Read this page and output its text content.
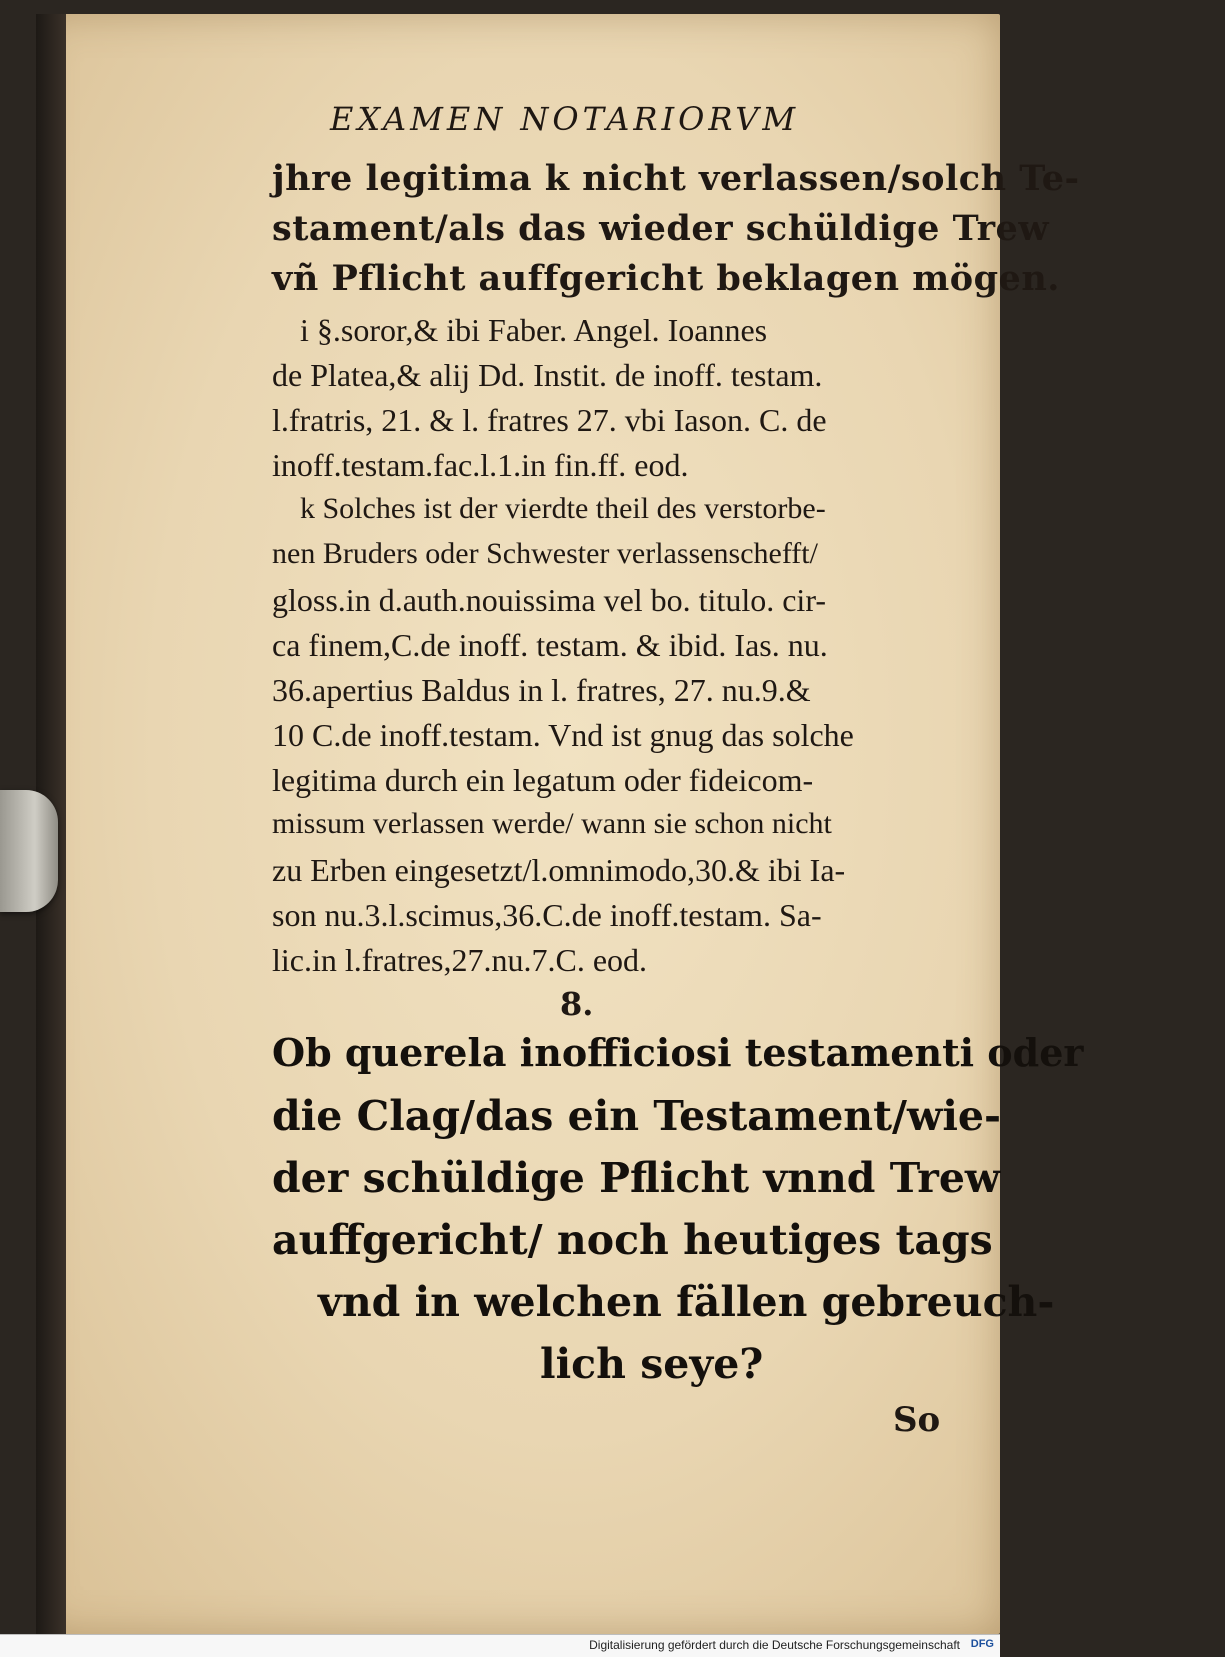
EXAMEN NOTARIORVM
jhre legitima k nicht verlassen/solch Te-
stament/als das wieder schüldige Trew
vñ Pflicht auffgericht beklagen mögen.
i §.soror,& ibi Faber. Angel. Ioannes
de Platea,& alij Dd. Instit. de inoff. testam.
l.fratris, 21. & l. fratres 27. vbi Iason. C. de
inoff.testam.fac.l.1.in fin.ff. eod.
k Solches ist der vierdte theil des verstorbe-
nen Bruders oder Schwester verlassenschefft/
gloss.in d.auth.nouissima vel bo. titulo. cir-
ca finem,C.de inoff. testam. & ibid. Ias. nu.
36.apertius Baldus in l. fratres, 27. nu.9.&
10 C.de inoff.testam. Vnd ist gnug das solche
legitima durch ein legatum oder fideicom-
missum verlassen werde/ wann sie schon nicht
zu Erben eingesetzt/l.omnimodo,30.& ibi Ia-
son nu.3.l.scimus,36.C.de inoff.testam. Sa-
lic.in l.fratres,27.nu.7.C. eod.
8.
Ob querela inofficiosi testamenti oder
die Clag/das ein Testament/wie-
der schüldige Pflicht vnnd Trew
auffgericht/ noch heutiges tags
vnd in welchen fällen gebreuch-
lich seye?
So
Digitalisierung gefördert durch die Deutsche Forschungsgemeinschaft DFG
